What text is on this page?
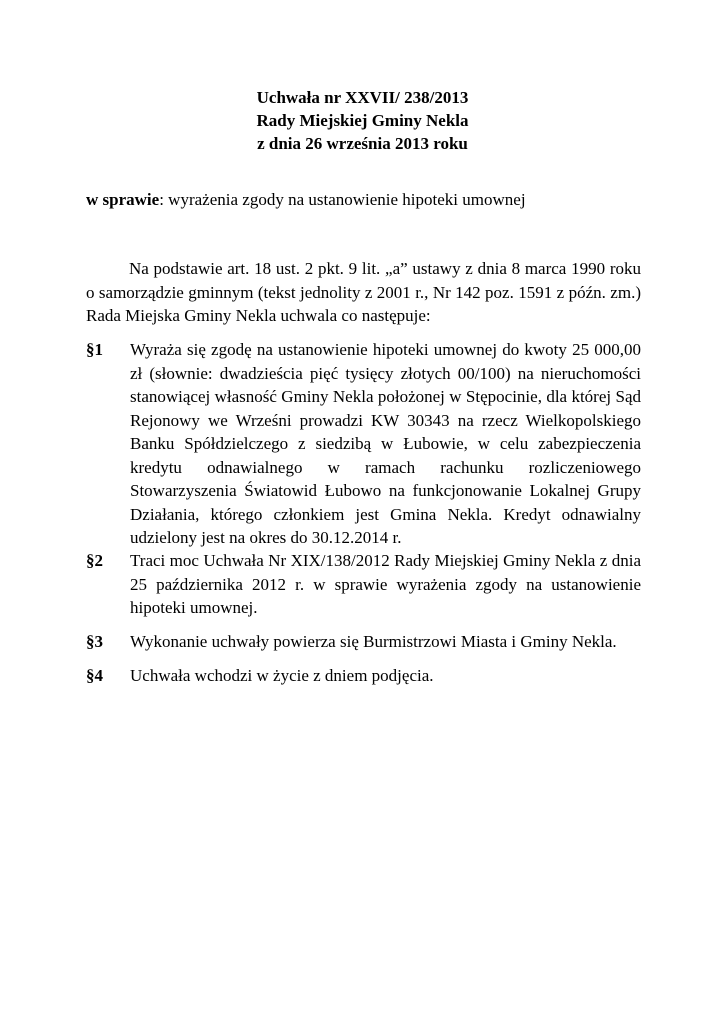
Uchwała nr XXVII/ 238/2013
Rady Miejskiej Gminy Nekla
z dnia 26 września 2013 roku
w sprawie: wyrażenia zgody na ustanowienie hipoteki umownej
Na podstawie art. 18 ust. 2 pkt. 9 lit. „a” ustawy z dnia 8 marca 1990 roku o samorządzie gminnym (tekst jednolity z 2001 r., Nr 142 poz. 1591 z późn. zm.) Rada Miejska Gminy Nekla uchwala co następuje:
§1	Wyraża się zgodę na ustanowienie hipoteki umownej do kwoty 25 000,00 zł (słownie: dwadzieścia pięć tysięcy złotych 00/100) na nieruchomości stanowiącej własność Gminy Nekla położonej w Stępocinie, dla której Sąd Rejonowy we Wrześni prowadzi KW 30343 na rzecz Wielkopolskiego Banku Spółdzielczego z siedzibą w Łubowie, w celu zabezpieczenia kredytu odnawialnego w ramach rachunku rozliczeniowego Stowarzyszenia Światowid Łubowo na funkcjonowanie Lokalnej Grupy Działania, którego członkiem jest Gmina Nekla. Kredyt odnawialny udzielony jest na okres do 30.12.2014 r.
§2	Traci moc Uchwała Nr XIX/138/2012 Rady Miejskiej Gminy Nekla z dnia 25 października 2012 r. w sprawie wyrażenia zgody na ustanowienie hipoteki umownej.
§3	Wykonanie uchwały powierza się Burmistrzowi Miasta i Gminy Nekla.
§4	Uchwała wchodzi w życie z dniem podjęcia.
